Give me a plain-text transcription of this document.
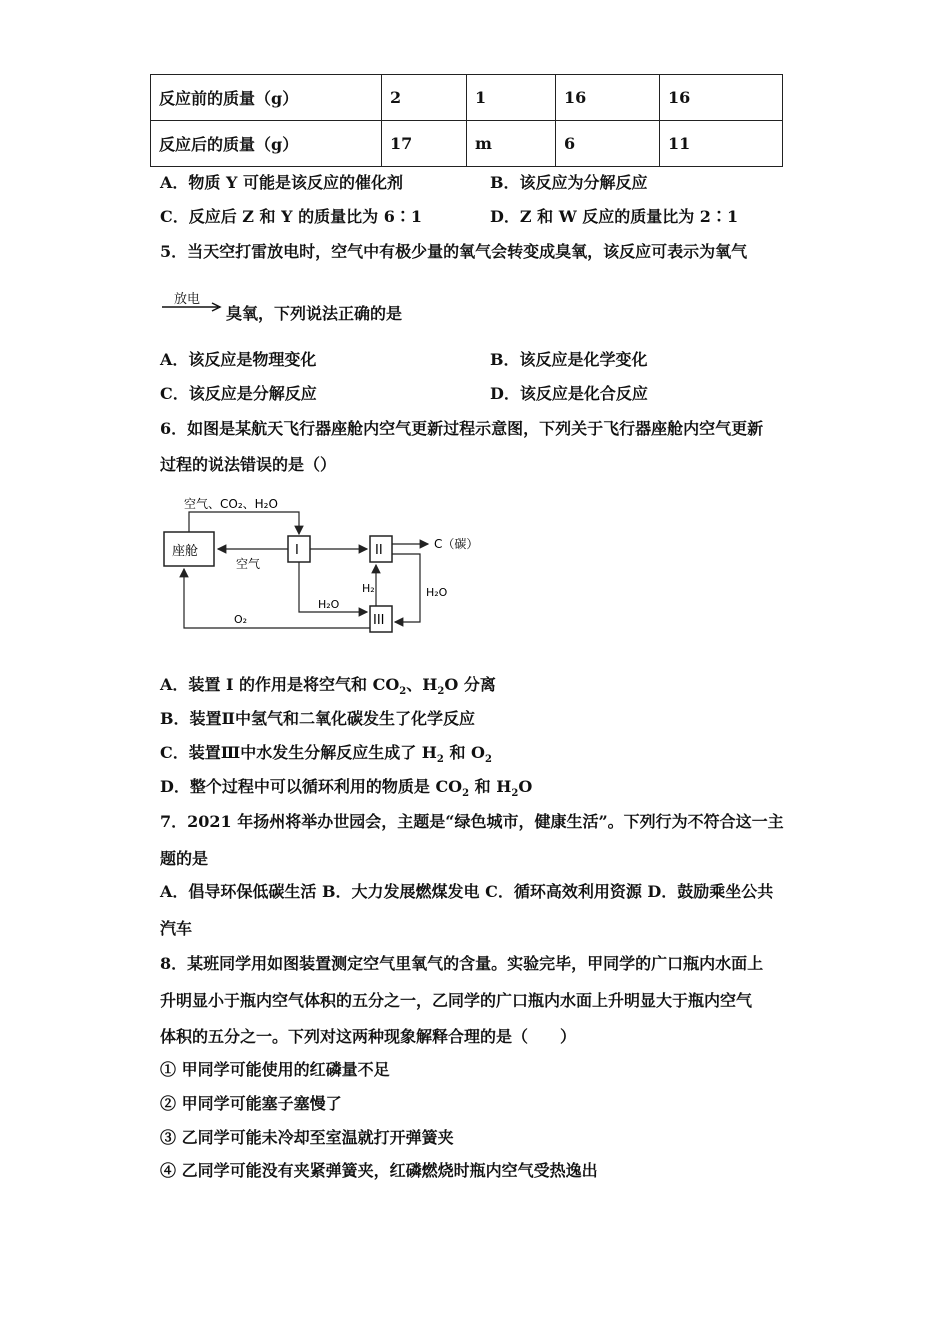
反应前的质量（g）	2	1	16	16
反应后的质量（g）	17	m	6	11
A．物质 Y 可能是该反应的催化剂	B．该反应为分解反应
C．反应后 Z 和 Y 的质量比为 6∶1	D．Z 和 W 反应的质量比为 2∶1
5．当天空打雷放电时，空气中有极少量的氧气会转变成臭氧，该反应可表示为氧气
放电
臭氧，下列说法正确的是
A．该反应是物理变化	B．该反应是化学变化
C．该反应是分解反应	D．该反应是化合反应
6．如图是某航天飞行器座舱内空气更新过程示意图，下列关于飞行器座舱内空气更新
过程的说法错误的是（）
座舱	I	II
III
空气、CO₂、H₂O
空气
C（碳）
H₂	H₂O
H₂O
O₂
A．装置 I 的作用是将空气和 $CO_2$、$H_2O$ 分离
B．装置Ⅱ中氢气和二氧化碳发生了化学反应
C．装置Ⅲ中水发生分解反应生成了 $H_2$ 和 $O_2$
D．整个过程中可以循环利用的物质是 $CO_2$ 和 $H_2O$
7．2021 年扬州将举办世园会，主题是“绿色城市，健康生活”。下列行为不符合这一主
题的是
A．倡导环保低碳生活 B．大力发展燃煤发电 C．循环高效利用资源 D．鼓励乘坐公共
汽车
8．某班同学用如图装置测定空气里氧气的含量。实验完毕，甲同学的广口瓶内水面上
升明显小于瓶内空气体积的五分之一，乙同学的广口瓶内水面上升明显大于瓶内空气
体积的五分之一。下列对这两种现象解释合理的是（　　）
① 甲同学可能使用的红磷量不足
② 甲同学可能塞子塞慢了
③ 乙同学可能未冷却至室温就打开弹簧夹
④ 乙同学可能没有夹紧弹簧夹，红磷燃烧时瓶内空气受热逸出
